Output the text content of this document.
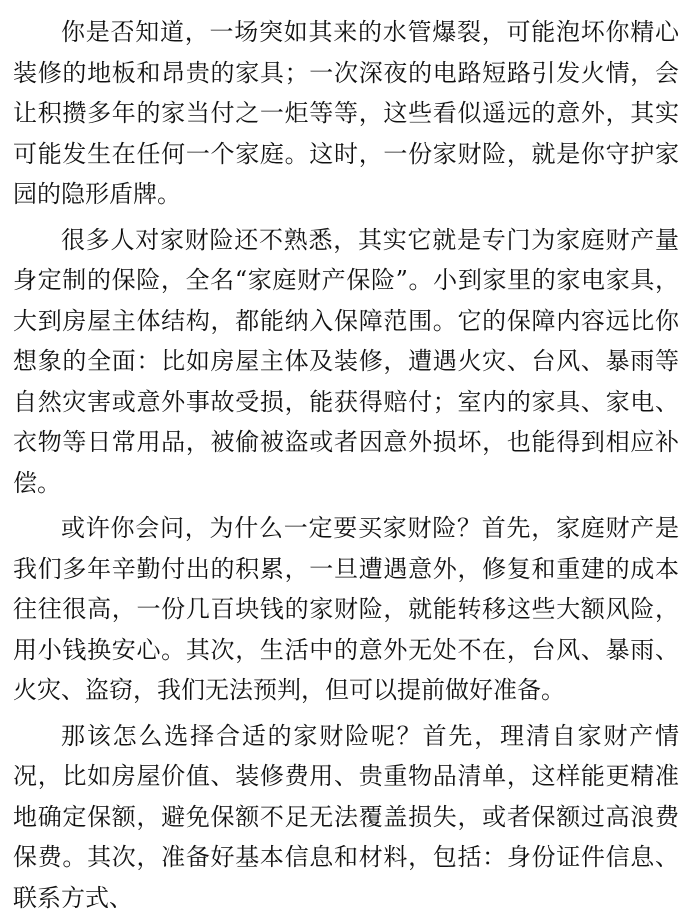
你是否知道，一场突如其来的水管爆裂，可能泡坏你精心装修的地板和昂贵的家具；一次深夜的电路短路引发火情，会让积攒多年的家当付之一炬等等，这些看似遥远的意外，其实可能发生在任何一个家庭。这时，一份家财险，就是你守护家园的隐形盾牌。

很多人对家财险还不熟悉，其实它就是专门为家庭财产量身定制的保险，全名“家庭财产保险”。小到家里的家电家具，大到房屋主体结构，都能纳入保障范围。它的保障内容远比你想象的全面：比如房屋主体及装修，遭遇火灾、台风、暴雨等自然灾害或意外事故受损，能获得赔付；室内的家具、家电、衣物等日常用品，被偷被盗或者因意外损坏，也能得到相应补偿。

或许你会问，为什么一定要买家财险？首先，家庭财产是我们多年辛勤付出的积累，一旦遭遇意外，修复和重建的成本往往很高，一份几百块钱的家财险，就能转移这些大额风险，用小钱换安心。其次，生活中的意外无处不在，台风、暴雨、火灾、盗窃，我们无法预判，但可以提前做好准备。

那该怎么选择合适的家财险呢？首先，理清自家财产情况，比如房屋价值、装修费用、贵重物品清单，这样能更精准地确定保额，避免保额不足无法覆盖损失，或者保额过高浪费保费。其次，准备好基本信息和材料，包括：身份证件信息、联系方式、
